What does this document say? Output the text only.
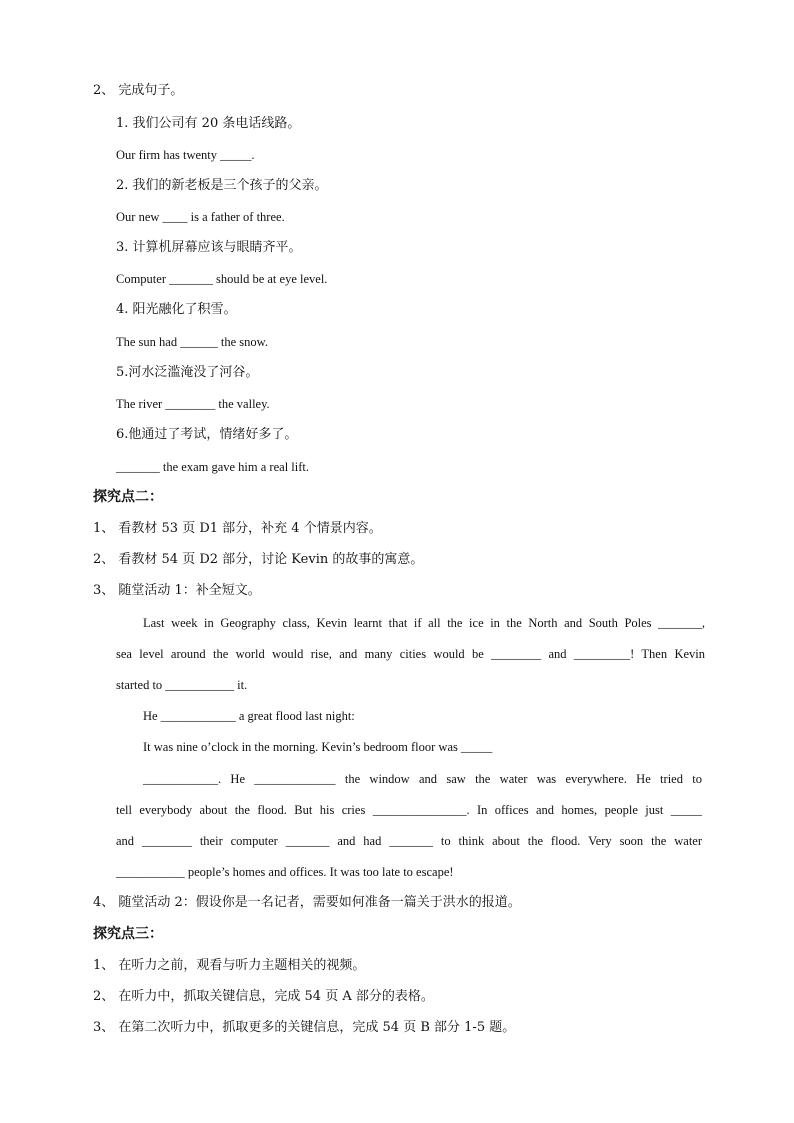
2、 完成句子。
1. 我们公司有 20 条电话线路。
Our firm has twenty _____.
2. 我们的新老板是三个孩子的父亲。
Our new ____ is a father of three.
3. 计算机屏幕应该与眼睛齐平。
Computer _______ should be at eye level.
4. 阳光融化了积雪。
The sun had ______ the snow.
5.河水泛滥淹没了河谷。
The river ________ the valley.
6.他通过了考试，情绪好多了。
_______ the exam gave him a real lift.
探究点二：
1、 看教材 53 页 D1 部分，补充 4 个情景内容。
2、 看教材 54 页 D2 部分，讨论 Kevin 的故事的寓意。
3、 随堂活动 1：补全短文。
Last week in Geography class, Kevin learnt that if all the ice in the North and South Poles _______,
sea level around the world would rise, and many cities would be ________ and _________! Then Kevin
started to ___________ it.
He ____________ a great flood last night:
It was nine o’clock in the morning. Kevin’s bedroom floor was _____
____________. He _____________ the window and saw the water was everywhere. He tried to
tell everybody about the flood. But his cries _______________. In offices and homes, people just _____
and ________ their computer _______ and had _______ to think about the flood. Very soon the water
___________ people’s homes and offices. It was too late to escape!
4、 随堂活动 2：假设你是一名记者，需要如何准备一篇关于洪水的报道。
探究点三：
1、 在听力之前，观看与听力主题相关的视频。
2、 在听力中，抓取关键信息，完成 54 页 A 部分的表格。
3、 在第二次听力中，抓取更多的关键信息，完成 54 页 B 部分 1-5 题。
